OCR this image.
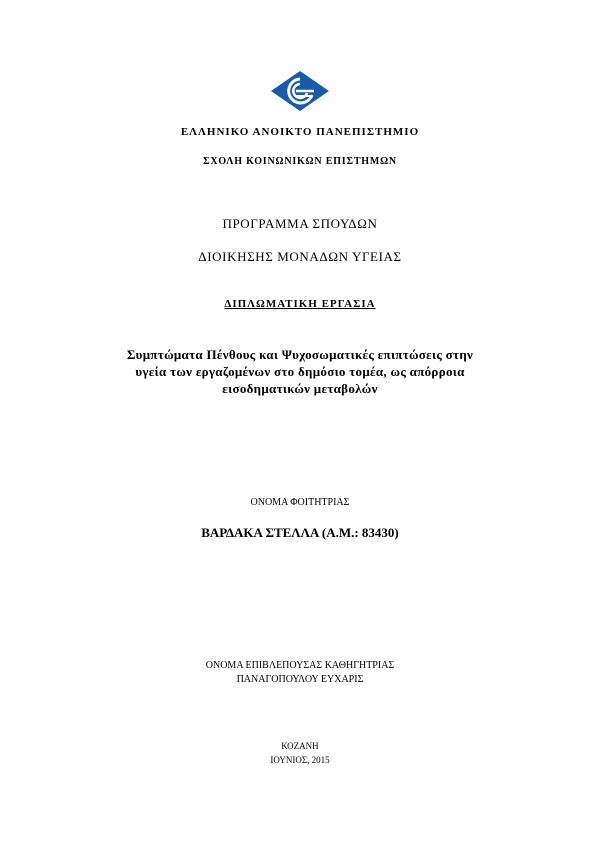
ΕΛΛΗΝΙΚΟ ΑΝΟΙΚΤΟ ΠΑΝΕΠΙΣΤΗΜΙΟ
ΣΧΟΛΗ ΚΟΙΝΩΝΙΚΩΝ ΕΠΙΣΤΗΜΩΝ
ΠΡΟΓΡΑΜΜΑ ΣΠΟΥΔΩΝ
ΔΙΟΙΚΗΣΗΣ ΜΟΝΑΔΩΝ ΥΓΕΙΑΣ
ΔΙΠΛΩΜΑΤΙΚΗ ΕΡΓΑΣΙΑ
Συμπτώματα Πένθους και Ψυχοσωματικές επιπτώσεις στην
υγεία των εργαζομένων στο δημόσιο τομέα, ως απόρροια
εισοδηματικών μεταβολών
ΟΝΟΜΑ ΦΟΙΤΗΤΡΙΑΣ
ΒΑΡΔΑΚΑ ΣΤΕΛΛΑ (Α.Μ.: 83430)
ΟΝΟΜΑ ΕΠΙΒΛΕΠΟΥΣΑΣ ΚΑΘΗΓΗΤΡΙΑΣ
ΠΑΝΑΓΟΠΟΥΛΟΥ ΕΥΧΑΡΙΣ
ΚΟΖΑΝΗ
ΙΟΥΝΙΟΣ, 2015
